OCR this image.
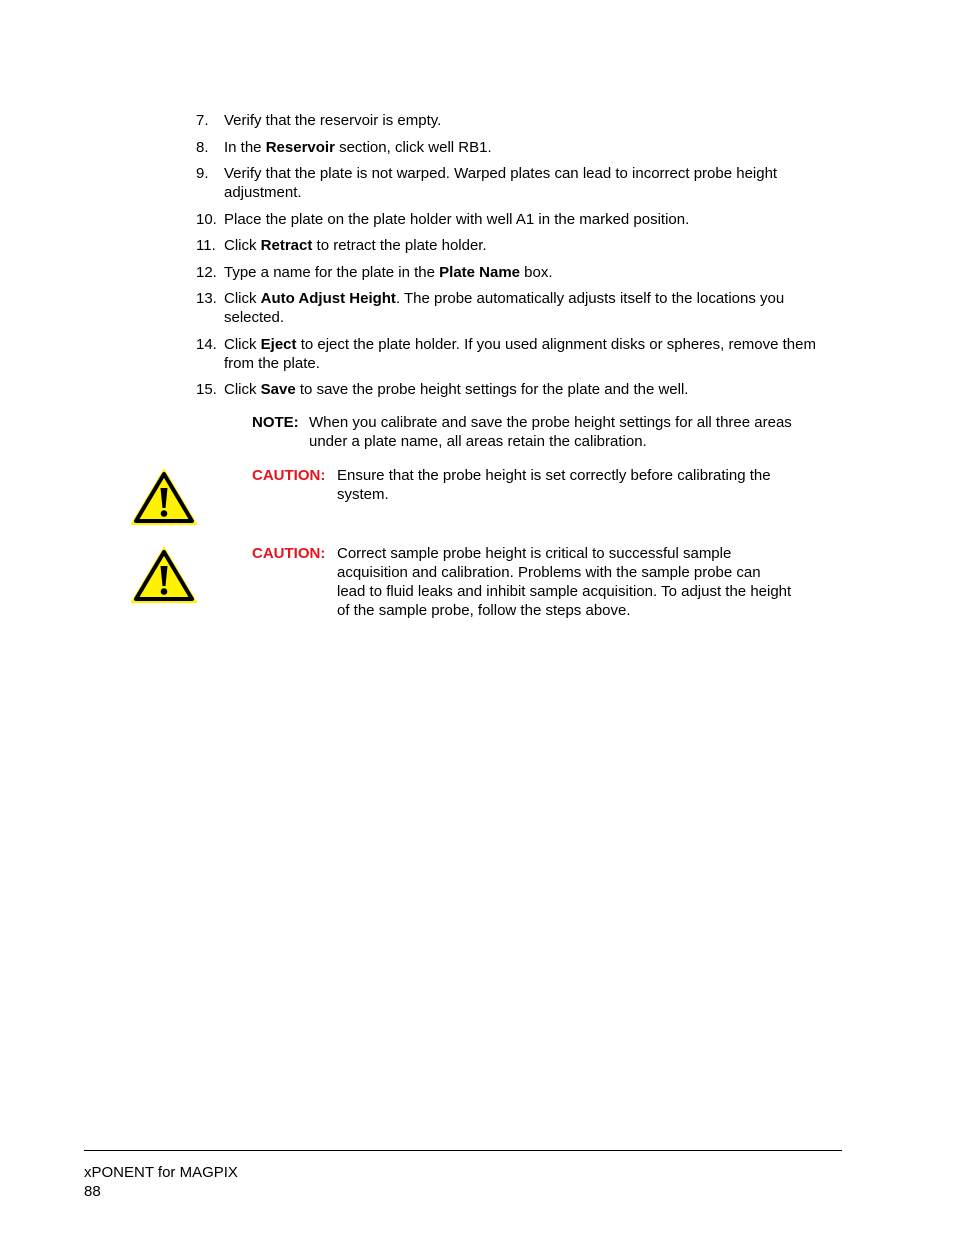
7.	Verify that the reservoir is empty.
8.	In the Reservoir section, click well RB1.
9.	Verify that the plate is not warped. Warped plates can lead to incorrect probe height adjustment.
10. Place the plate on the plate holder with well A1 in the marked position.
11. Click Retract to retract the plate holder.
12. Type a name for the plate in the Plate Name box.
13. Click Auto Adjust Height. The probe automatically adjusts itself to the locations you selected.
14. Click Eject to eject the plate holder. If you used alignment disks or spheres, remove them from the plate.
15. Click Save to save the probe height settings for the plate and the well.
NOTE: When you calibrate and save the probe height settings for all three areas under a plate name, all areas retain the calibration.
CAUTION: Ensure that the probe height is set correctly before calibrating the system.
CAUTION: Correct sample probe height is critical to successful sample acquisition and calibration. Problems with the sample probe can lead to fluid leaks and inhibit sample acquisition. To adjust the height of the sample probe, follow the steps above.
xPONENT for MAGPIX
88
